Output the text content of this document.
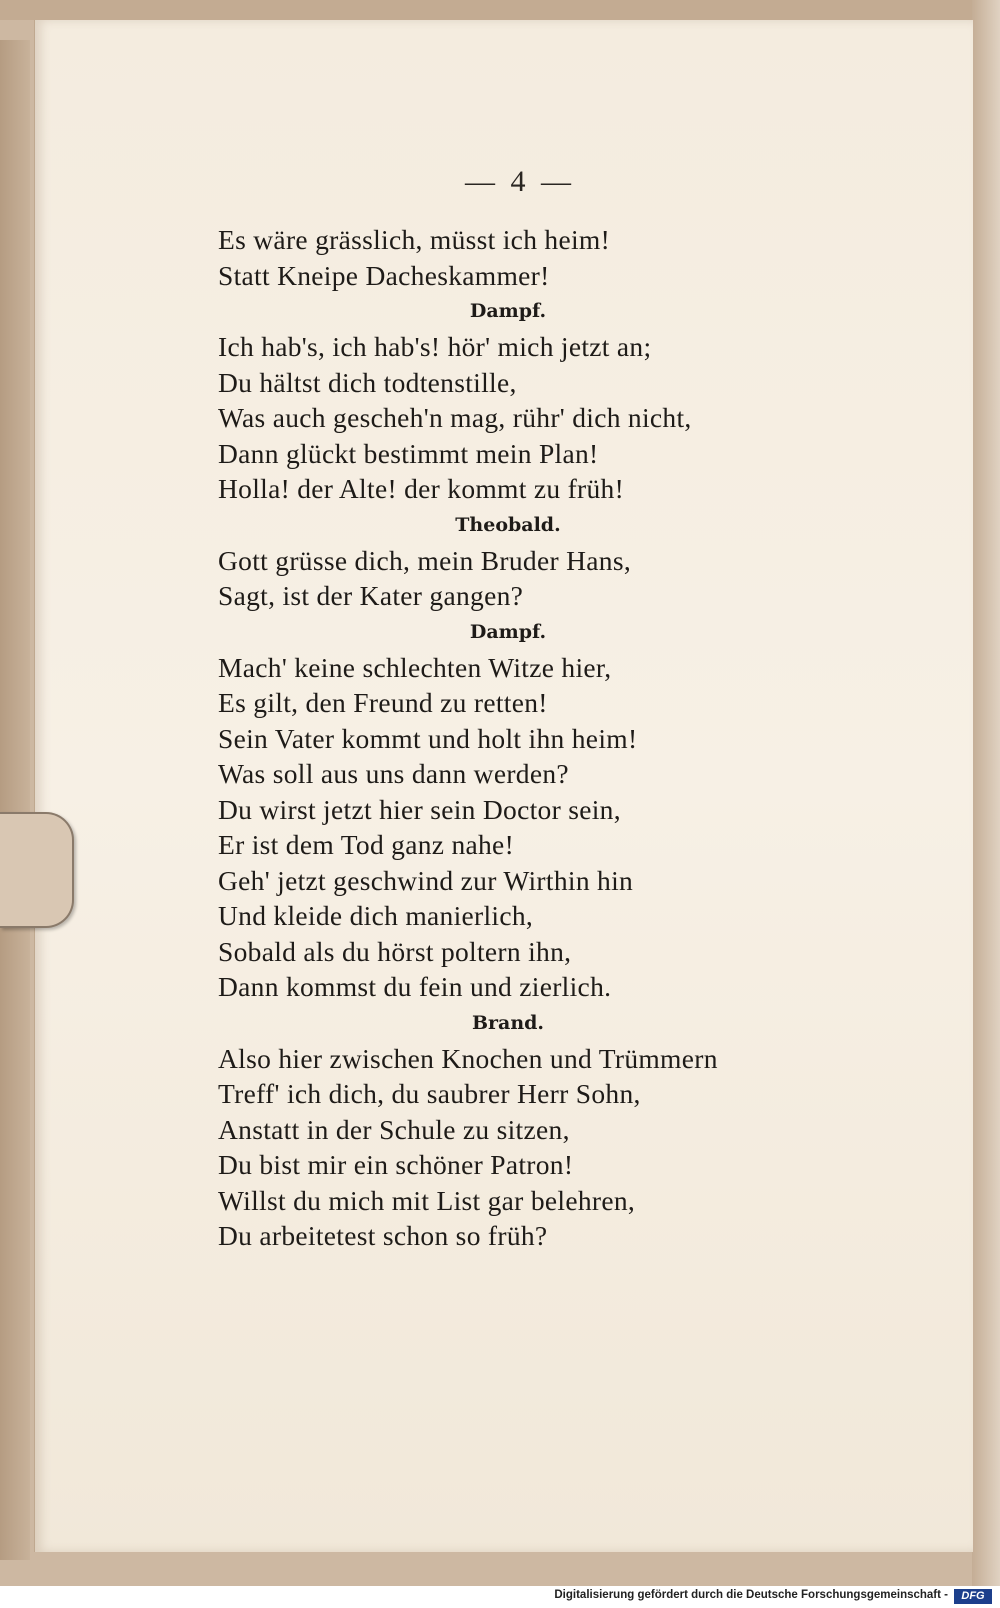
— 4 —
Es wäre grässlich, müsst ich heim!
Statt Kneipe Dacheskammer!
Dampf.
Ich hab's, ich hab's! hör' mich jetzt an;
Du hältst dich todtenstille,
Was auch gescheh'n mag, rühr' dich nicht,
Dann glückt bestimmt mein Plan!
Holla! der Alte! der kommt zu früh!
Theobald.
Gott grüsse dich, mein Bruder Hans,
Sagt, ist der Kater gangen?
Dampf.
Mach' keine schlechten Witze hier,
Es gilt, den Freund zu retten!
Sein Vater kommt und holt ihn heim!
Was soll aus uns dann werden?
Du wirst jetzt hier sein Doctor sein,
Er ist dem Tod ganz nahe!
Geh' jetzt geschwind zur Wirthin hin
Und kleide dich manierlich,
Sobald als du hörst poltern ihn,
Dann kommst du fein und zierlich.
Brand.
Also hier zwischen Knochen und Trümmern
Treff' ich dich, du saubrer Herr Sohn,
Anstatt in der Schule zu sitzen,
Du bist mir ein schöner Patron!
Willst du mich mit List gar belehren,
Du arbeitetest schon so früh?
Digitalisierung gefördert durch die Deutsche Forschungsgemeinschaft -	DFG
